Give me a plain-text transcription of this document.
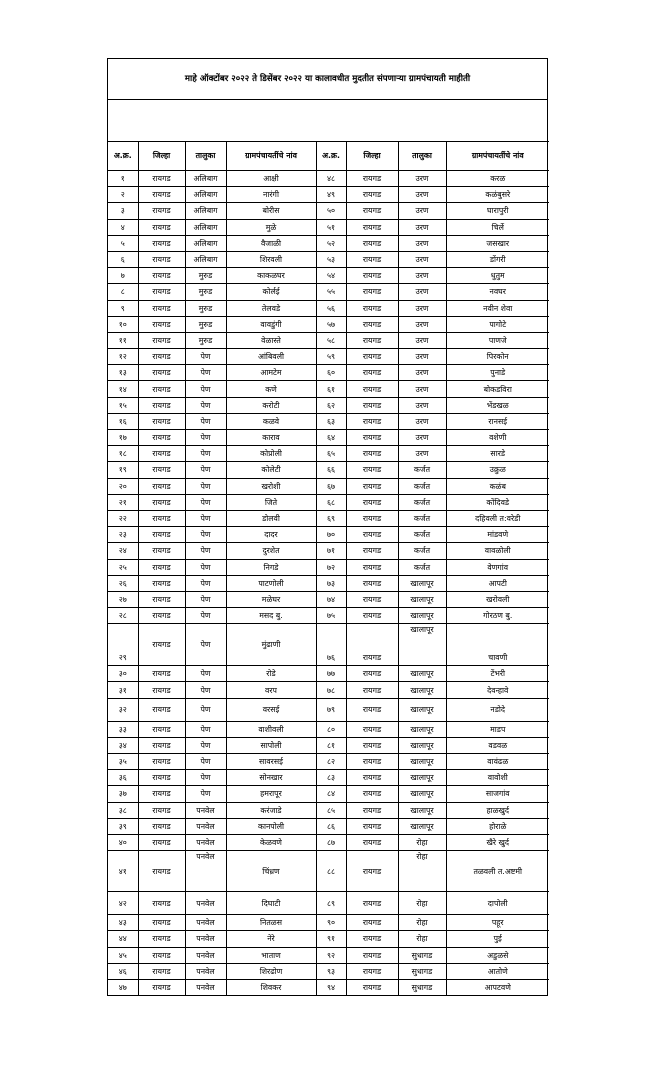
माहे ऑक्टोंबर २०२२ ते डिसेंबर २०२२ या कालावधीत मुदतीत संपणाऱ्या ग्रामपंचायती माहीती
अ.क्र.	जिल्हा	तालुका	ग्रामपंचायतींचे नांव	अ.क्र.	जिल्हा	तालुका	ग्रामपंचायतींचे नांव
१	रायगड	अलिबाग	आक्षी	४८	रायगड	उरण	करळ
२	रायगड	अलिबाग	नारंगी	४९	रायगड	उरण	कळंबुसरे
३	रायगड	अलिबाग	बोरीस	५०	रायगड	उरण	घारापुरी
४	रायगड	अलिबाग	मुळे	५१	रायगड	उरण	चिर्ले
५	रायगड	अलिबाग	वैजाळी	५२	रायगड	उरण	जसखार
६	रायगड	अलिबाग	शिरवली	५३	रायगड	उरण	डोंगरी
७	रायगड	मुरुड	काकळघर	५४	रायगड	उरण	धुतुम
८	रायगड	मुरुड	कोर्लई	५५	रायगड	उरण	नवघर
९	रायगड	मुरुड	तेलवडे	५६	रायगड	उरण	नवीन शेवा
१०	रायगड	मुरुड	वावडुंगी	५७	रायगड	उरण	पागोटे
११	रायगड	मुरुड	वेळास्ते	५८	रायगड	उरण	पाणजे
१२	रायगड	पेण	आंबिवली	५९	रायगड	उरण	पिरकोन
१३	रायगड	पेण	आमटेम	६०	रायगड	उरण	पुनाडे
१४	रायगड	पेण	कणे	६१	रायगड	उरण	बोकडविरा
१५	रायगड	पेण	करोटी	६२	रायगड	उरण	भेंडखळ
१६	रायगड	पेण	कळवे	६३	रायगड	उरण	रानसई
१७	रायगड	पेण	काराव	६४	रायगड	उरण	वशेणी
१८	रायगड	पेण	कोप्रोली	६५	रायगड	उरण	सारडे
१९	रायगड	पेण	कोलेटी	६६	रायगड	कर्जत	उक्रुळ
२०	रायगड	पेण	खरोशी	६७	रायगड	कर्जत	कळंब
२१	रायगड	पेण	जिते	६८	रायगड	कर्जत	कोंदिवडे
२२	रायगड	पेण	डोलवी	६९	रायगड	कर्जत	दहिवली त:वरेडी
२३	रायगड	पेण	दादर	७०	रायगड	कर्जत	मांडवणे
२४	रायगड	पेण	दुरशेत	७१	रायगड	कर्जत	वावळोली
२५	रायगड	पेण	निगडे	७२	रायगड	कर्जत	वेणगांव
२६	रायगड	पेण	पाटणोली	७३	रायगड	खालापूर	आपटी
२७	रायगड	पेण	मळेघर	७४	रायगड	खालापूर	खरोवली
२८	रायगड	पेण	मसद बु.	७५	रायगड	खालापूर	गोरठण बु.
२९	रायगड	पेण	मुंढाणी	७६	रायगड	खालापूर	चावणी
३०	रायगड	पेण	रोडे	७७	रायगड	खालापूर	टेंभरी
३१	रायगड	पेण	वरप	७८	रायगड	खालापूर	देवन्हावे
३२	रायगड	पेण	वरसई	७९	रायगड	खालापूर	नडोदे
३३	रायगड	पेण	वाशीवली	८०	रायगड	खालापूर	माडप
३४	रायगड	पेण	सापोली	८१	रायगड	खालापूर	वडवळ
३५	रायगड	पेण	सावरसई	८२	रायगड	खालापूर	वावंढळ
३६	रायगड	पेण	सोनखार	८३	रायगड	खालापूर	वावोशी
३७	रायगड	पेण	हमरापूर	८४	रायगड	खालापूर	साजगांव
३८	रायगड	पनवेल	करंजाडे	८५	रायगड	खालापूर	हाळखुर्द
३९	रायगड	पनवेल	कानपोली	८६	रायगड	खालापूर	होराळे
४०	रायगड	पनवेल	केळवणे	८७	रायगड	रोहा	खैरे खुर्द
४१	रायगड	पनवेल	चिंध्रण	८८	रायगड	रोहा	तळवली त.अष्टमी
४२	रायगड	पनवेल	दिघाटी	८९	रायगड	रोहा	दापोली
४३	रायगड	पनवेल	नितळस	९०	रायगड	रोहा	पहूर
४४	रायगड	पनवेल	नेरे	९१	रायगड	रोहा	पुई
४५	रायगड	पनवेल	भाताण	९२	रायगड	सुधागड	अडुळसे
४६	रायगड	पनवेल	शिरढोण	९३	रायगड	सुधागड	आतोणे
४७	रायगड	पनवेल	शिवकर	९४	रायगड	सुधागड	आपटवणे
